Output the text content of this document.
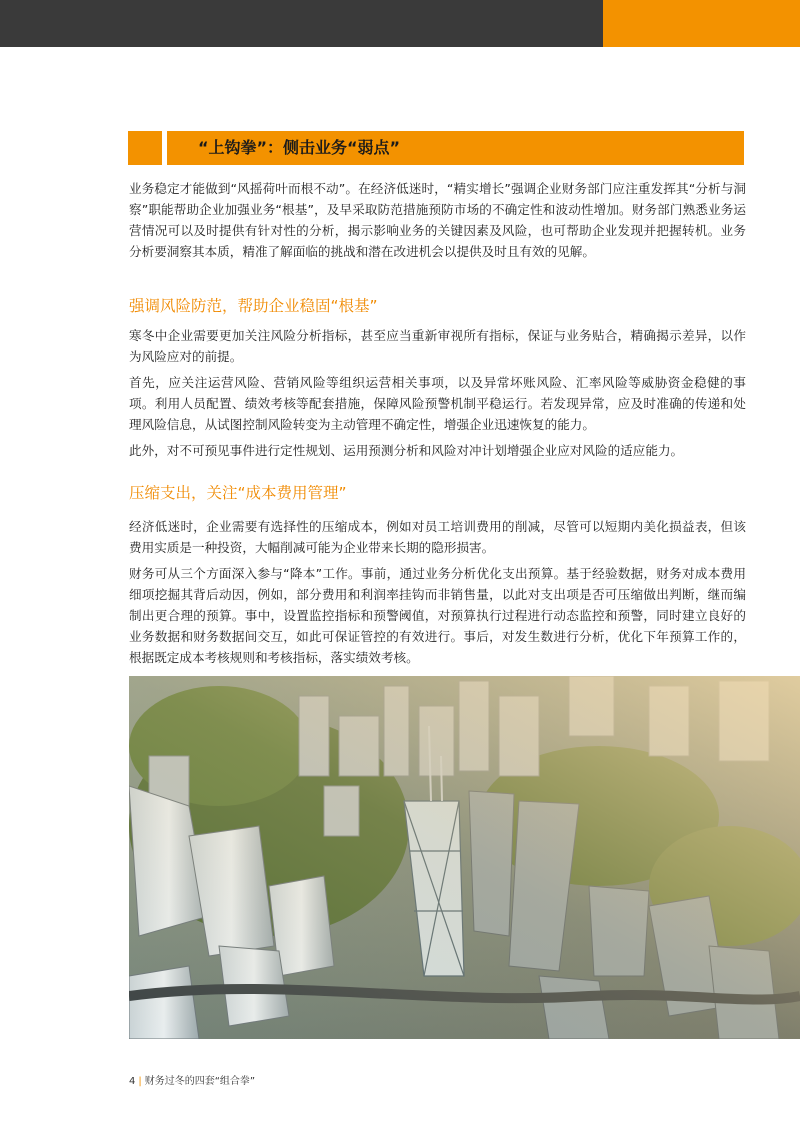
“上钩拳”：侧击业务“弱点”

业务稳定才能做到“风摇荷叶而根不动”。在经济低迷时，“精实增长”强调企业财务部门应注重发挥其“分析与洞察”职能帮助企业加强业务“根基”，及早采取防范措施预防市场的不确定性和波动性增加。财务部门熟悉业务运营情况可以及时提供有针对性的分析，揭示影响业务的关键因素及风险，也可帮助企业发现并把握转机。业务分析要洞察其本质，精准了解面临的挑战和潜在改进机会以提供及时且有效的见解。

强调风险防范，帮助企业稳固“根基”

寒冬中企业需要更加关注风险分析指标，甚至应当重新审视所有指标，保证与业务贴合，精确揭示差异，以作为风险应对的前提。

首先，应关注运营风险、营销风险等组织运营相关事项，以及异常坏账风险、汇率风险等威胁资金稳健的事项。利用人员配置、绩效考核等配套措施，保障风险预警机制平稳运行。若发现异常，应及时准确的传递和处理风险信息，从试图控制风险转变为主动管理不确定性，增强企业迅速恢复的能力。

此外，对不可预见事件进行定性规划、运用预测分析和风险对冲计划增强企业应对风险的适应能力。

压缩支出，关注“成本费用管理”

经济低迷时，企业需要有选择性的压缩成本，例如对员工培训费用的削减，尽管可以短期内美化损益表，但该费用实质是一种投资，大幅削减可能为企业带来长期的隐形损害。

财务可从三个方面深入参与“降本”工作。事前，通过业务分析优化支出预算。基于经验数据，财务对成本费用细项挖掘其背后动因，例如，部分费用和利润率挂钩而非销售量，以此对支出项是否可压缩做出判断，继而编制出更合理的预算。事中，设置监控指标和预警阈值，对预算执行过程进行动态监控和预警，同时建立良好的业务数据和财务数据间交互，如此可保证管控的有效进行。事后，对发生数进行分析，优化下年预算工作的，根据既定成本考核规则和考核指标，落实绩效考核。

4 | 财务过冬的四套“组合拳”
